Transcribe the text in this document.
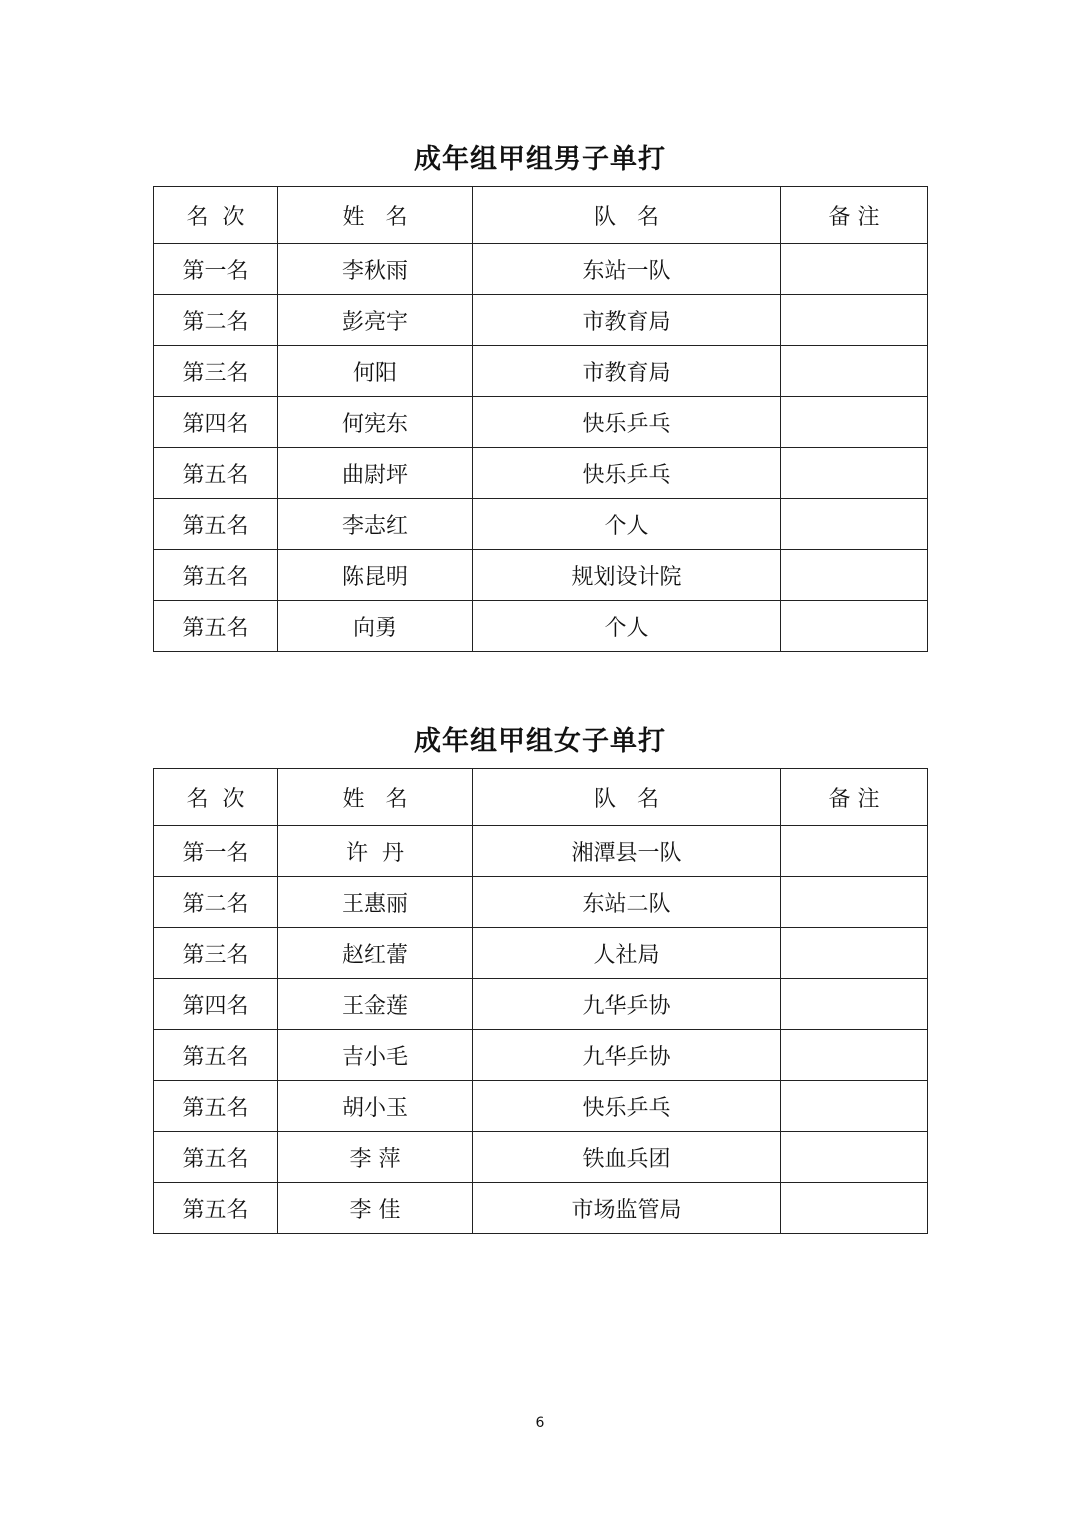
成年组甲组男子单打
名  次	姓   名	队   名	备 注
第一名	李秋雨	东站一队	
第二名	彭亮宇	市教育局	
第三名	何阳	市教育局	
第四名	何宪东	快乐乒乓	
第五名	曲尉坪	快乐乒乓	
第五名	李志红	个人	
第五名	陈昆明	规划设计院	
第五名	向勇	个人	
成年组甲组女子单打
名  次	姓   名	队   名	备 注
第一名	许  丹	湘潭县一队	
第二名	王惠丽	东站二队	
第三名	赵红蕾	人社局	
第四名	王金莲	九华乒协	
第五名	吉小毛	九华乒协	
第五名	胡小玉	快乐乒乓	
第五名	李 萍	铁血兵团	
第五名	李 佳	市场监管局	
6
